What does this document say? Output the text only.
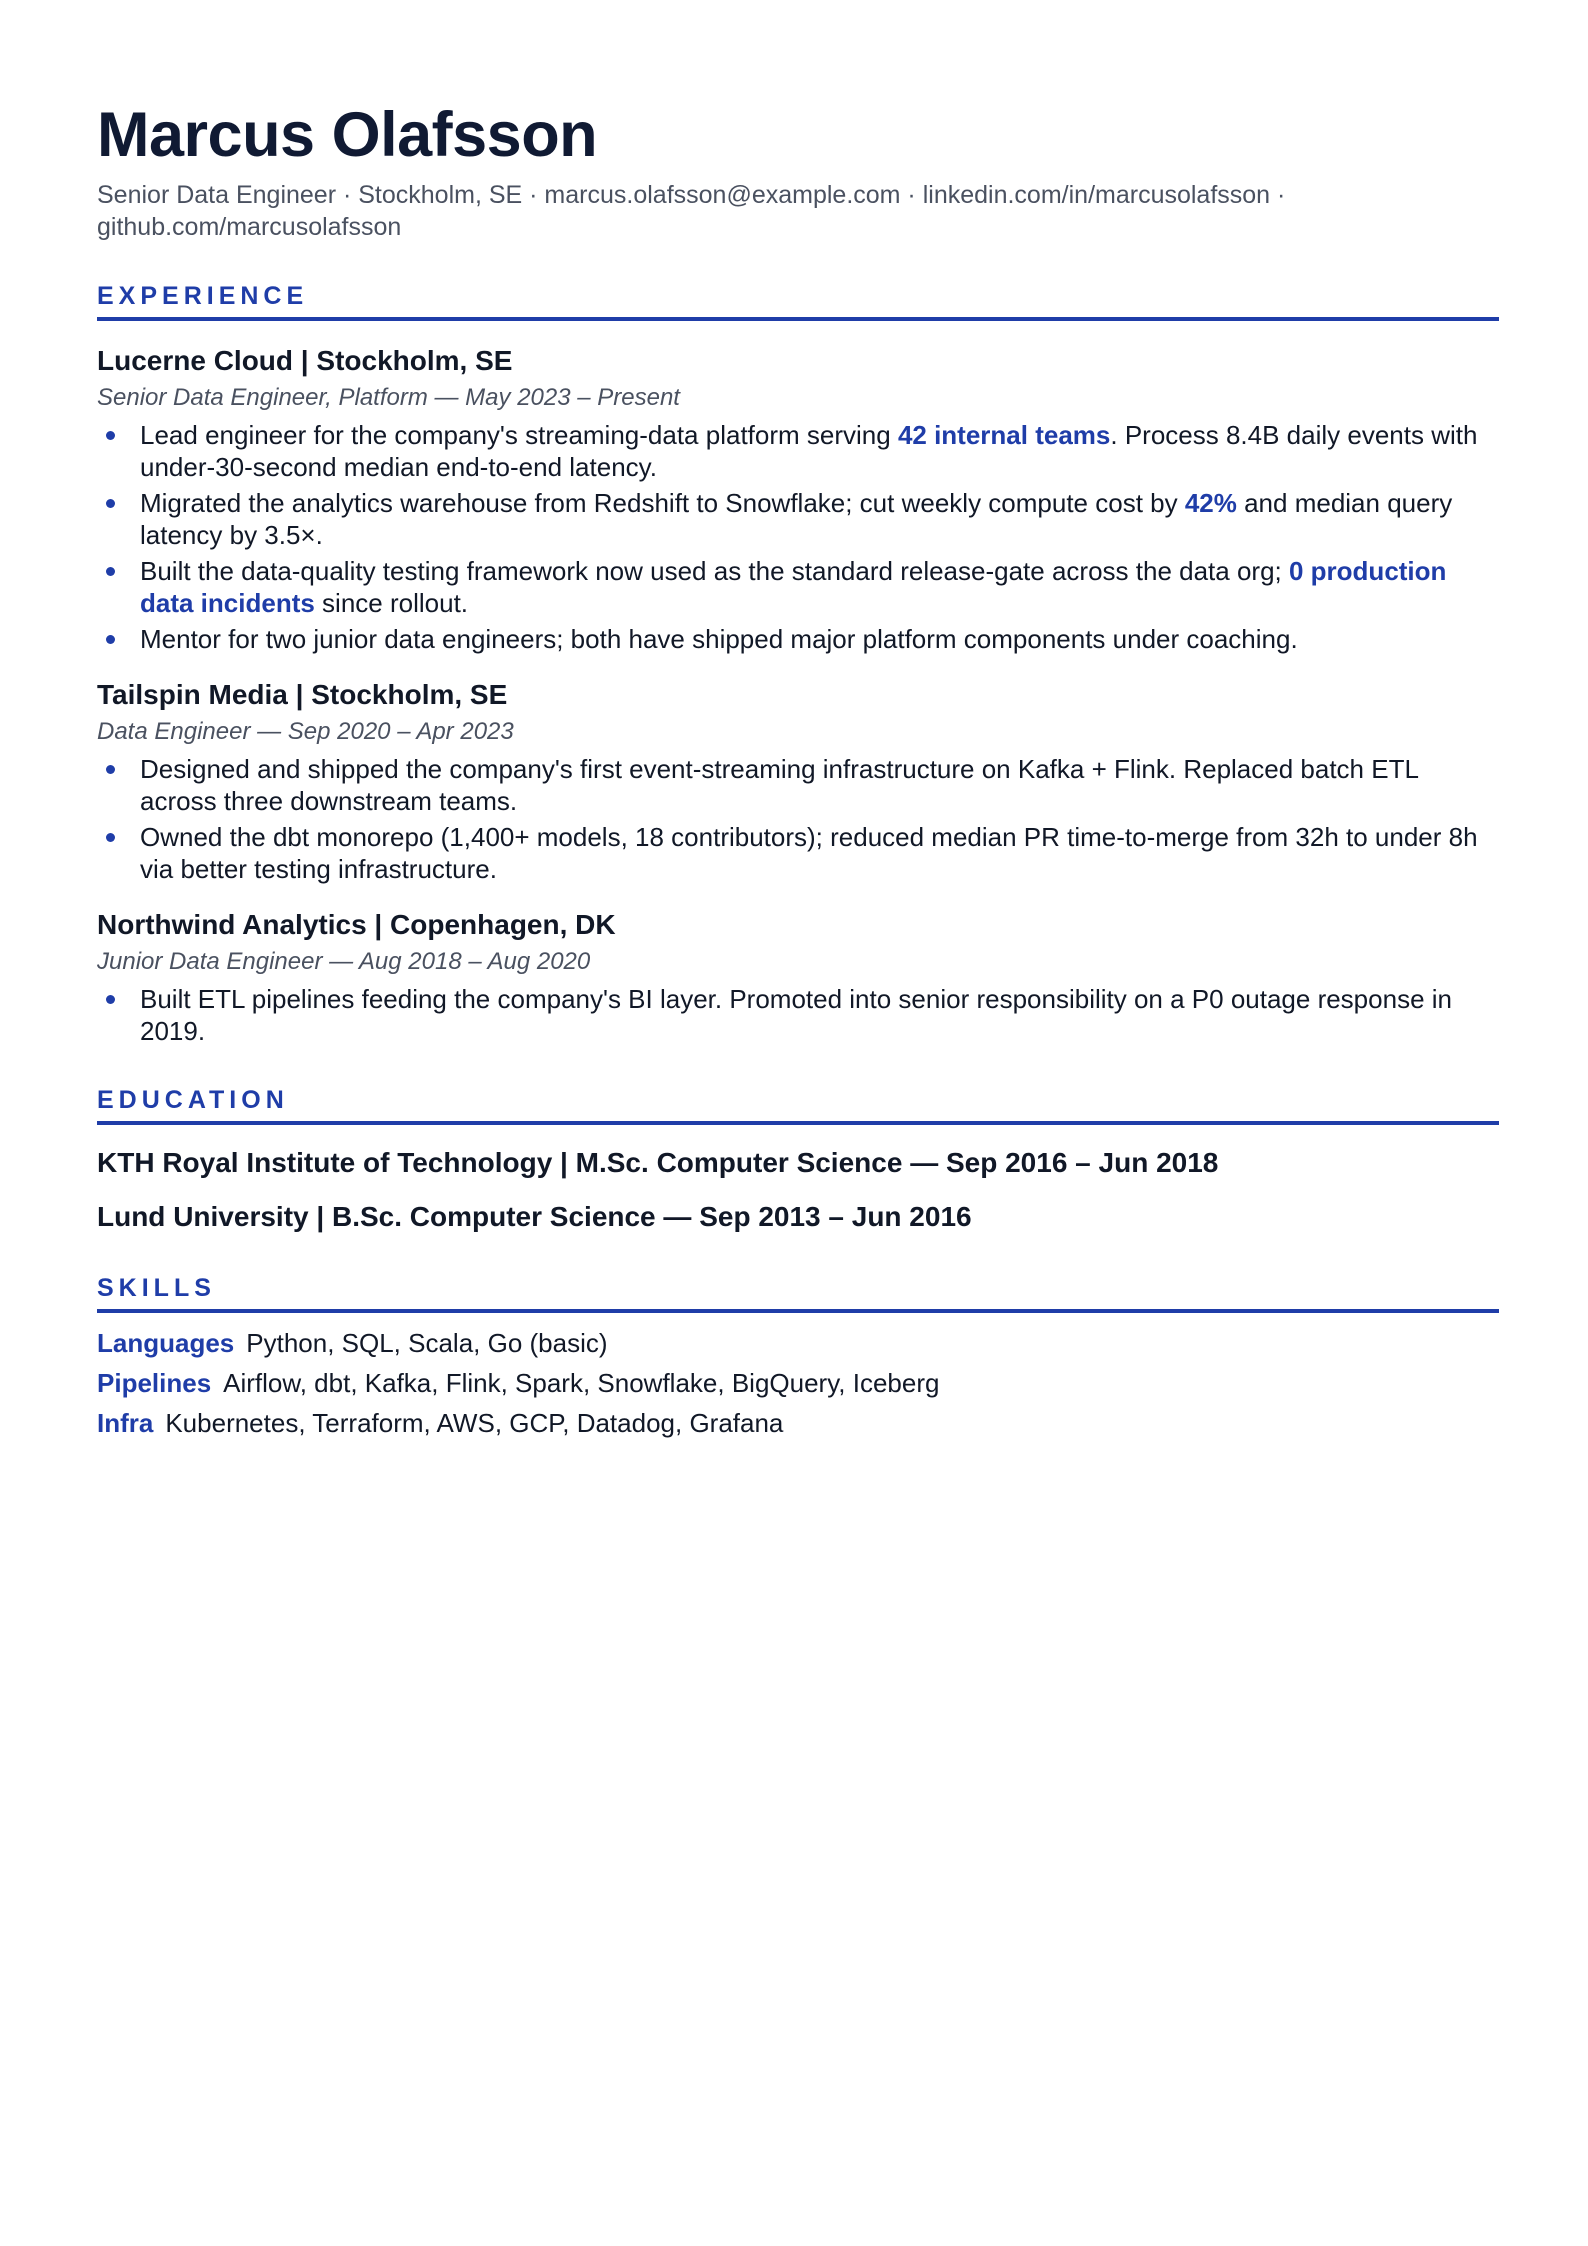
Marcus Olafsson
Senior Data Engineer · Stockholm, SE · marcus.olafsson@example.com · linkedin.com/in/marcusolafsson · github.com/marcusolafsson
EXPERIENCE
Lucerne Cloud | Stockholm, SE
Senior Data Engineer, Platform — May 2023 – Present
Lead engineer for the company's streaming-data platform serving 42 internal teams. Process 8.4B daily events with under-30-second median end-to-end latency.
Migrated the analytics warehouse from Redshift to Snowflake; cut weekly compute cost by 42% and median query latency by 3.5×.
Built the data-quality testing framework now used as the standard release-gate across the data org; 0 production data incidents since rollout.
Mentor for two junior data engineers; both have shipped major platform components under coaching.
Tailspin Media | Stockholm, SE
Data Engineer — Sep 2020 – Apr 2023
Designed and shipped the company's first event-streaming infrastructure on Kafka + Flink. Replaced batch ETL across three downstream teams.
Owned the dbt monorepo (1,400+ models, 18 contributors); reduced median PR time-to-merge from 32h to under 8h via better testing infrastructure.
Northwind Analytics | Copenhagen, DK
Junior Data Engineer — Aug 2018 – Aug 2020
Built ETL pipelines feeding the company's BI layer. Promoted into senior responsibility on a P0 outage response in 2019.
EDUCATION
KTH Royal Institute of Technology | M.Sc. Computer Science — Sep 2016 – Jun 2018
Lund University | B.Sc. Computer Science — Sep 2013 – Jun 2016
SKILLS
Languages Python, SQL, Scala, Go (basic)
Pipelines Airflow, dbt, Kafka, Flink, Spark, Snowflake, BigQuery, Iceberg
Infra Kubernetes, Terraform, AWS, GCP, Datadog, Grafana
